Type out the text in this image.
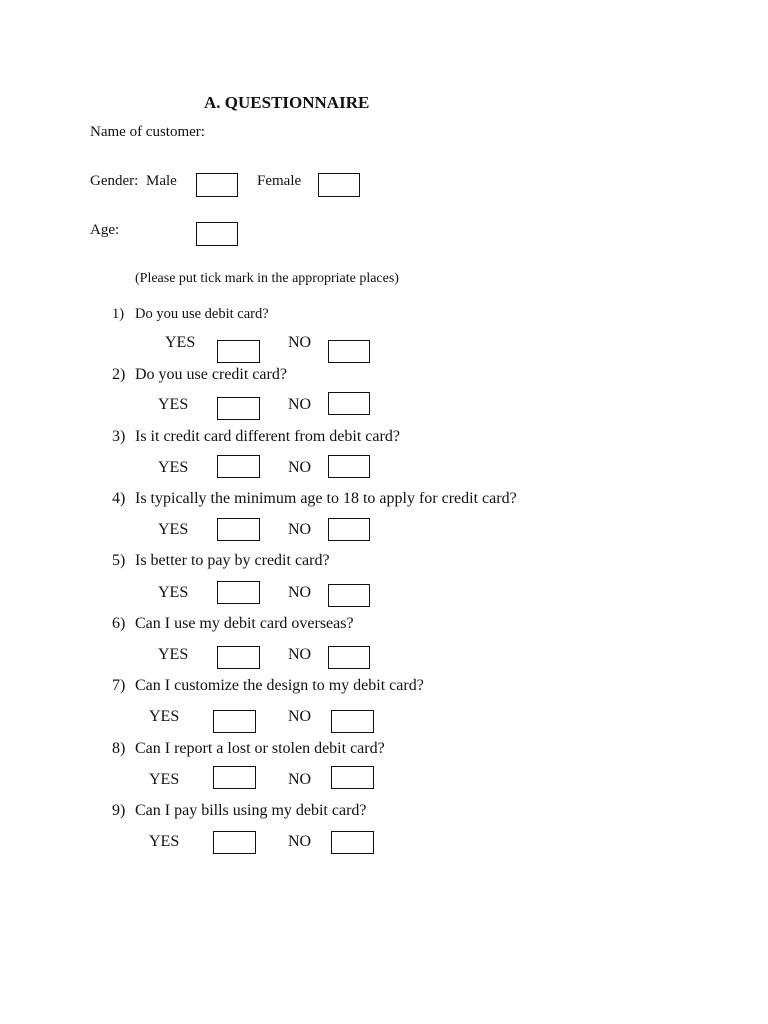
A. QUESTIONNAIRE
Name of customer:
Gender: Male	Female
Age:
(Please put tick mark in the appropriate places)
1) Do you use debit card?
YES	NO
2) Do you use credit card?
YES	NO
3) Is it credit card different from debit card?
YES	NO
4) Is typically the minimum age to 18 to apply for credit card?
YES	NO
5) Is better to pay by credit card?
YES	NO
6) Can I use my debit card overseas?
YES	NO
7) Can I customize the design to my debit card?
YES	NO
8) Can I report a lost or stolen debit card?
YES	NO
9) Can I pay bills using my debit card?
YES	NO
